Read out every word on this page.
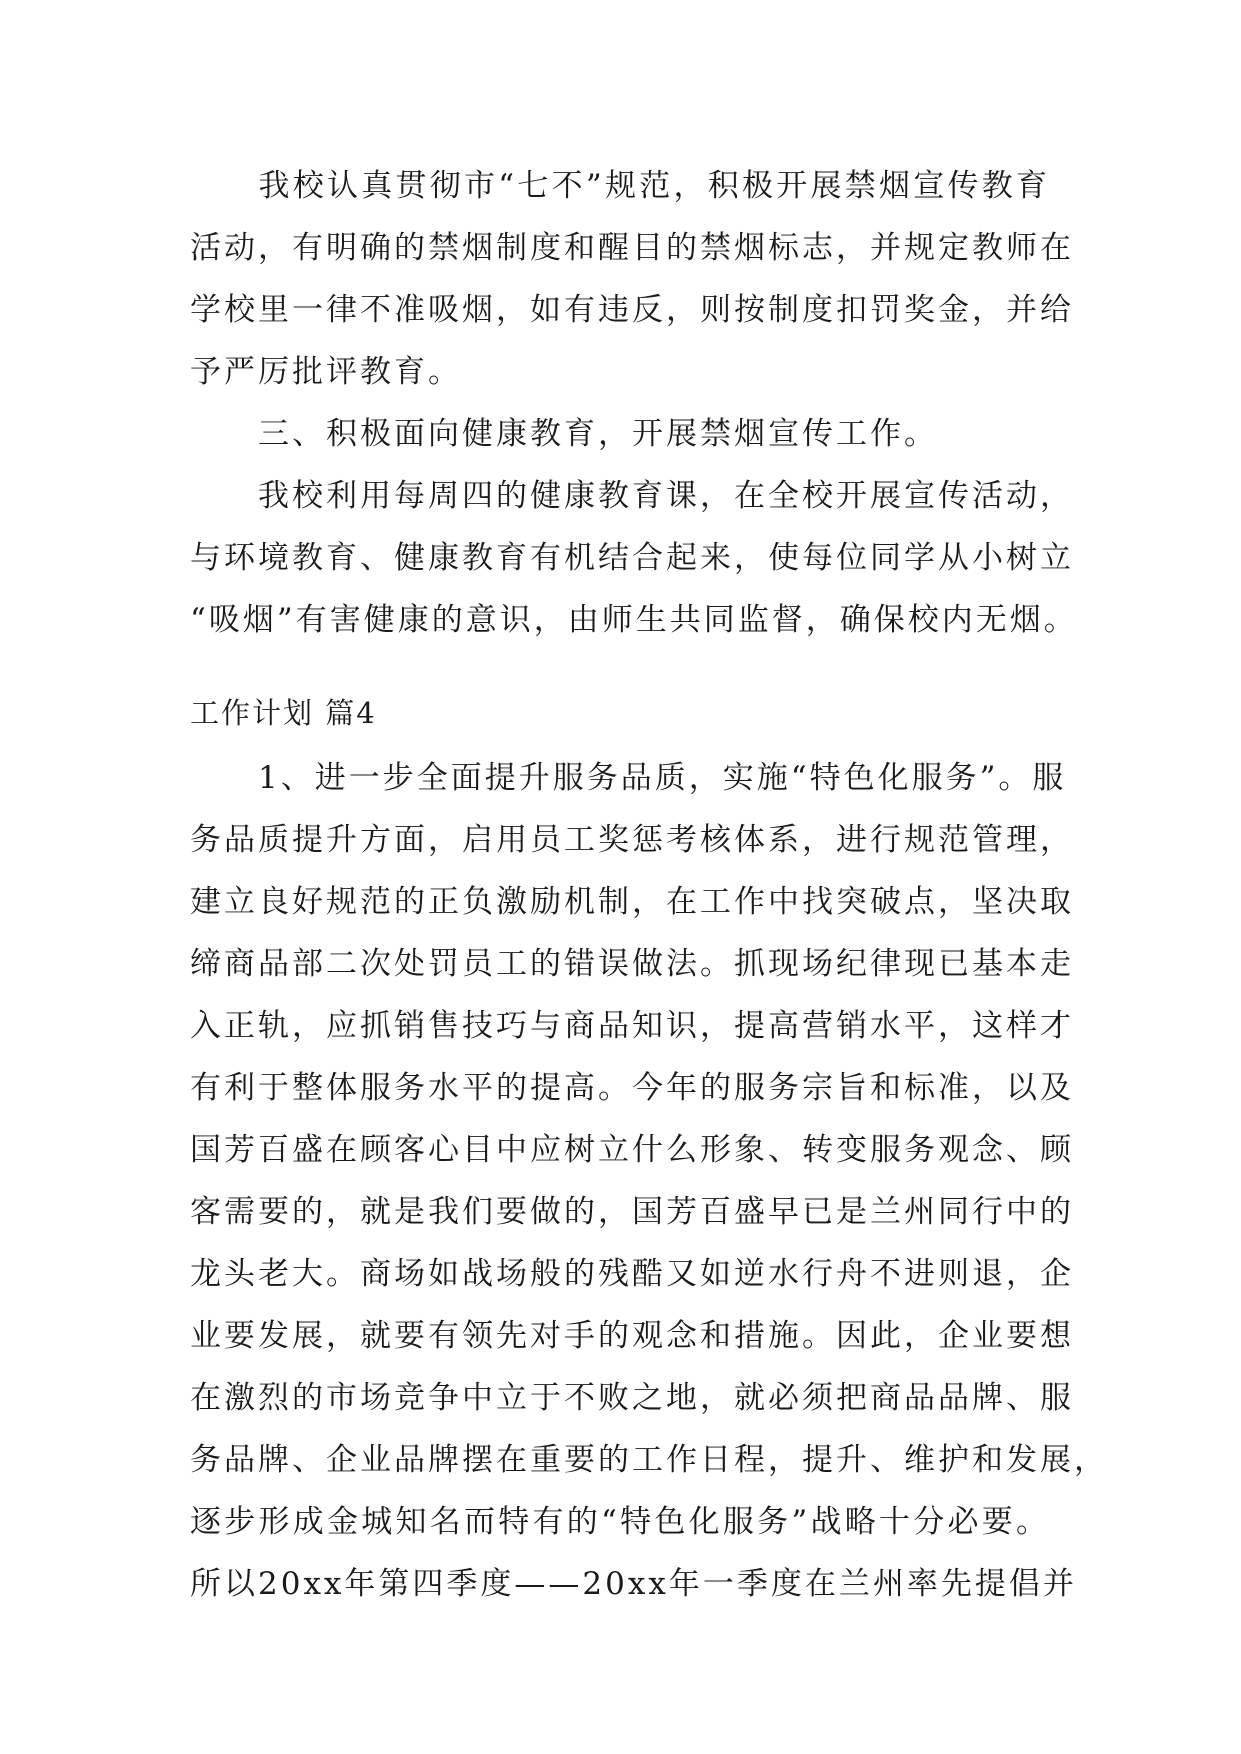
　　我校认真贯彻市“七不”规范，积极开展禁烟宣传教育
活动，有明确的禁烟制度和醒目的禁烟标志，并规定教师在
学校里一律不准吸烟，如有违反，则按制度扣罚奖金，并给
予严厉批评教育。
　　三、积极面向健康教育，开展禁烟宣传工作。
　　我校利用每周四的健康教育课，在全校开展宣传活动，
与环境教育、健康教育有机结合起来，使每位同学从小树立
“吸烟”有害健康的意识，由师生共同监督，确保校内无烟。
工作计划 篇4
　　1、进一步全面提升服务品质，实施“特色化服务”。服
务品质提升方面，启用员工奖惩考核体系，进行规范管理，
建立良好规范的正负激励机制，在工作中找突破点，坚决取
缔商品部二次处罚员工的错误做法。抓现场纪律现已基本走
入正轨，应抓销售技巧与商品知识，提高营销水平，这样才
有利于整体服务水平的提高。今年的服务宗旨和标准，以及
国芳百盛在顾客心目中应树立什么形象、转变服务观念、顾
客需要的，就是我们要做的，国芳百盛早已是兰州同行中的
龙头老大。商场如战场般的残酷又如逆水行舟不进则退，企
业要发展，就要有领先对手的观念和措施。因此，企业要想
在激烈的市场竞争中立于不败之地，就必须把商品品牌、服
务品牌、企业品牌摆在重要的工作日程，提升、维护和发展，
逐步形成金城知名而特有的“特色化服务”战略十分必要。
所以20xx年第四季度——20xx年一季度在兰州率先提倡并
